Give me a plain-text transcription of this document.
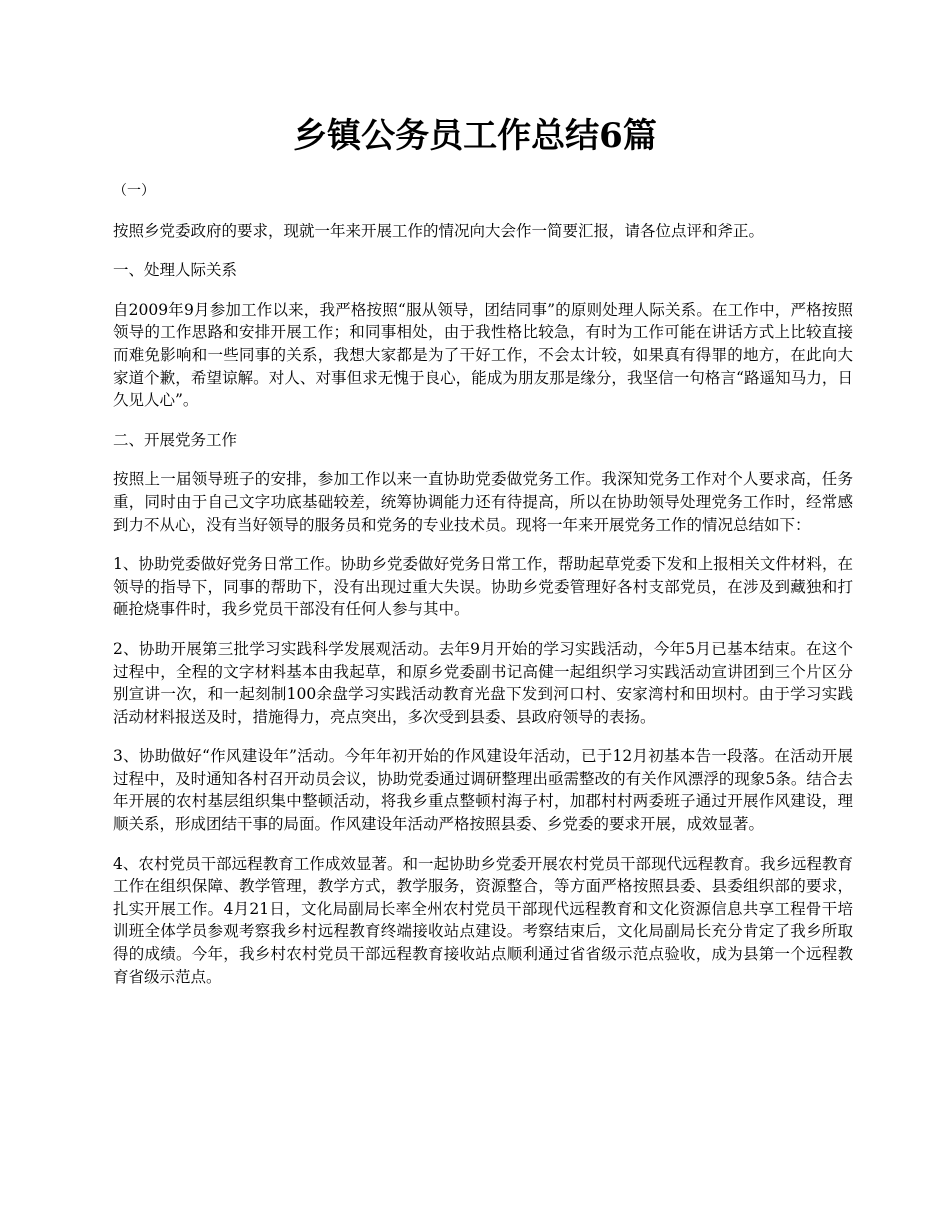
乡镇公务员工作总结6篇

（一）

按照乡党委政府的要求，现就一年来开展工作的情况向大会作一简要汇报，请各位点评和斧正。

一、处理人际关系

自2009年9月参加工作以来，我严格按照“服从领导，团结同事”的原则处理人际关系。在工作中，严格按照领导的工作思路和安排开展工作；和同事相处，由于我性格比较急，有时为工作可能在讲话方式上比较直接而难免影响和一些同事的关系，我想大家都是为了干好工作，不会太计较，如果真有得罪的地方，在此向大家道个歉，希望谅解。对人、对事但求无愧于良心，能成为朋友那是缘分，我坚信一句格言“路遥知马力，日久见人心”。

二、开展党务工作

按照上一届领导班子的安排，参加工作以来一直协助党委做党务工作。我深知党务工作对个人要求高，任务重，同时由于自己文字功底基础较差，统筹协调能力还有待提高，所以在协助领导处理党务工作时，经常感到力不从心，没有当好领导的服务员和党务的专业技术员。现将一年来开展党务工作的情况总结如下：

1、协助党委做好党务日常工作。协助乡党委做好党务日常工作，帮助起草党委下发和上报相关文件材料，在领导的指导下，同事的帮助下，没有出现过重大失误。协助乡党委管理好各村支部党员，在涉及到藏独和打砸抢烧事件时，我乡党员干部没有任何人参与其中。

2、协助开展第三批学习实践科学发展观活动。去年9月开始的学习实践活动，今年5月已基本结束。在这个过程中，全程的文字材料基本由我起草，和原乡党委副书记高健一起组织学习实践活动宣讲团到三个片区分别宣讲一次，和一起刻制100余盘学习实践活动教育光盘下发到河口村、安家湾村和田坝村。由于学习实践活动材料报送及时，措施得力，亮点突出，多次受到县委、县政府领导的表扬。

3、协助做好“作风建设年”活动。今年年初开始的作风建设年活动，已于12月初基本告一段落。在活动开展过程中，及时通知各村召开动员会议，协助党委通过调研整理出亟需整改的有关作风漂浮的现象5条。结合去年开展的农村基层组织集中整顿活动，将我乡重点整顿村海子村，加郡村村两委班子通过开展作风建设，理顺关系，形成团结干事的局面。作风建设年活动严格按照县委、乡党委的要求开展，成效显著。

4、农村党员干部远程教育工作成效显著。和一起协助乡党委开展农村党员干部现代远程教育。我乡远程教育工作在组织保障、教学管理，教学方式，教学服务，资源整合，等方面严格按照县委、县委组织部的要求，扎实开展工作。4月21日，文化局副局长率全州农村党员干部现代远程教育和文化资源信息共享工程骨干培训班全体学员参观考察我乡村远程教育终端接收站点建设。考察结束后，文化局副局长充分肯定了我乡所取得的成绩。今年，我乡村农村党员干部远程教育接收站点顺利通过省省级示范点验收，成为县第一个远程教育省级示范点。
